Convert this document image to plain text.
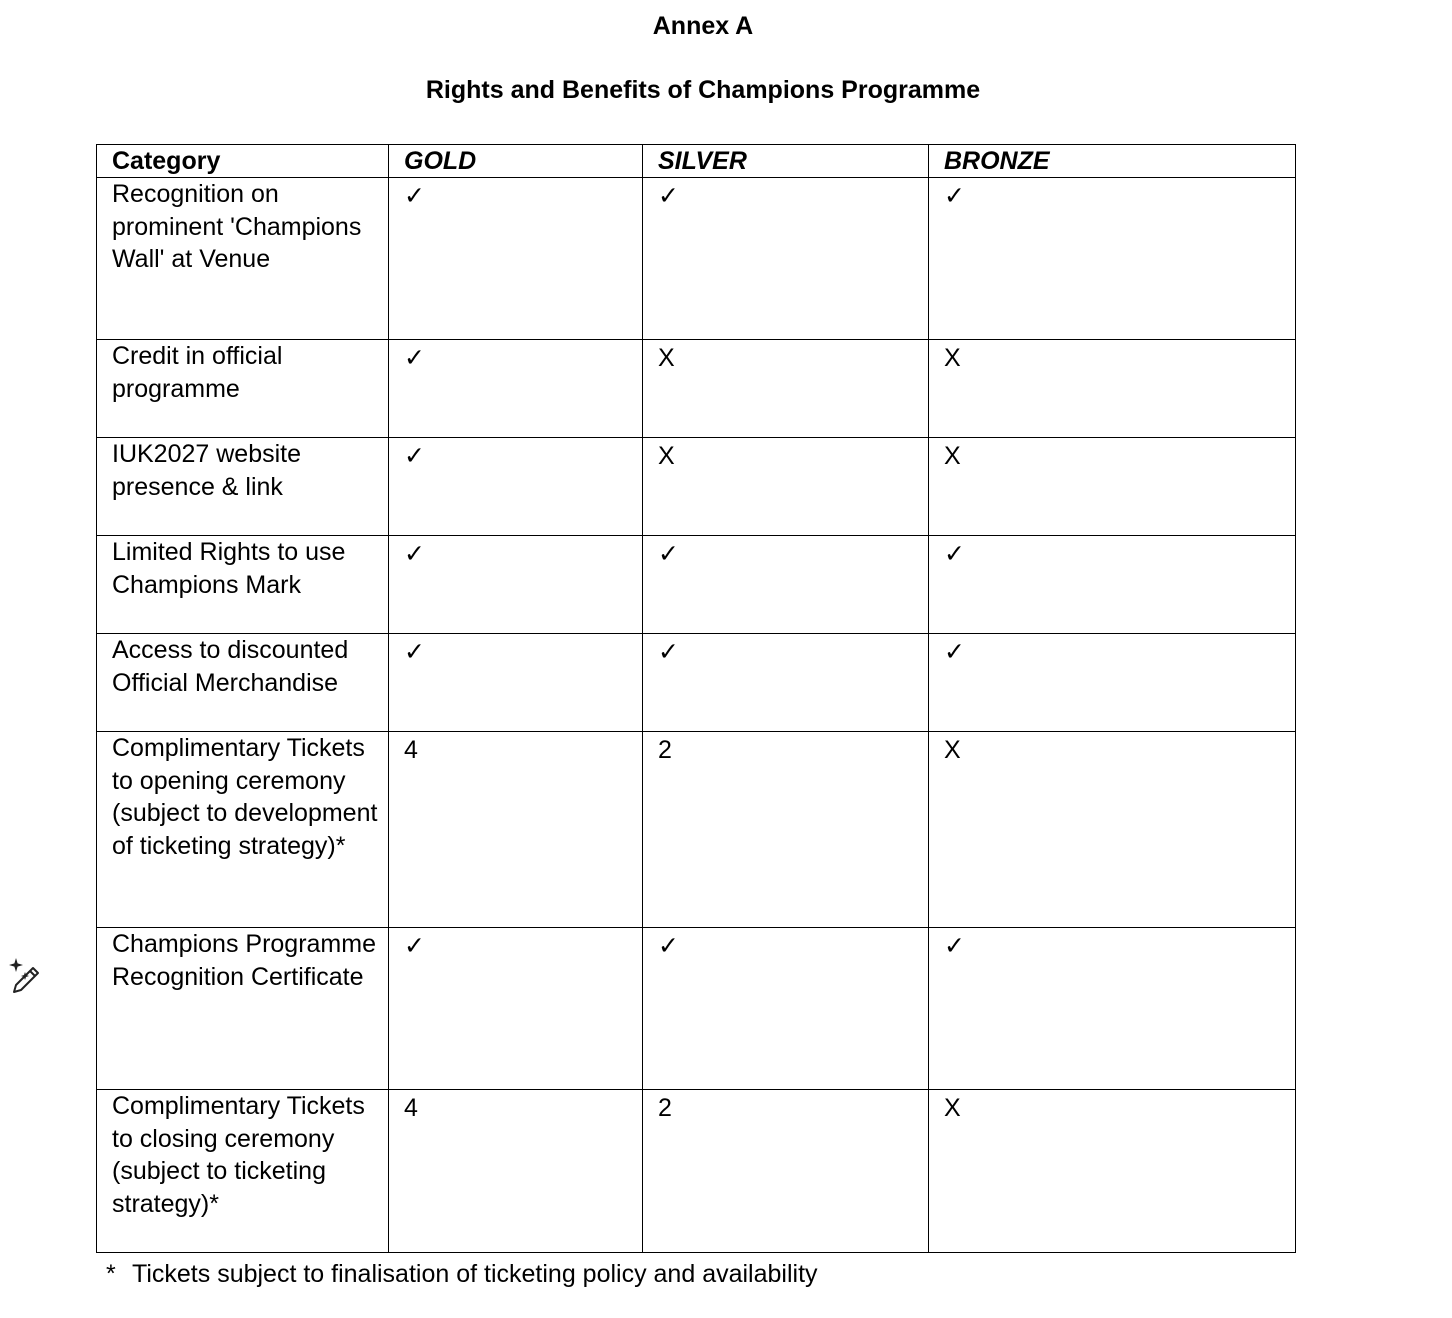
Annex A
Rights and Benefits of Champions Programme
Category	GOLD	SILVER	BRONZE
Recognition on prominent 'Champions Wall' at Venue	✓	✓	✓
Credit in official programme	✓	X	X
IUK2027 website presence & link	✓	X	X
Limited Rights to use Champions Mark	✓	✓	✓
Access to discounted Official Merchandise	✓	✓	✓
Complimentary Tickets to opening ceremony (subject to development of ticketing strategy)*	4	2	X
Champions Programme Recognition Certificate	✓	✓	✓
Complimentary Tickets to closing ceremony (subject to ticketing strategy)*	4	2	X
* Tickets subject to finalisation of ticketing policy and availability
